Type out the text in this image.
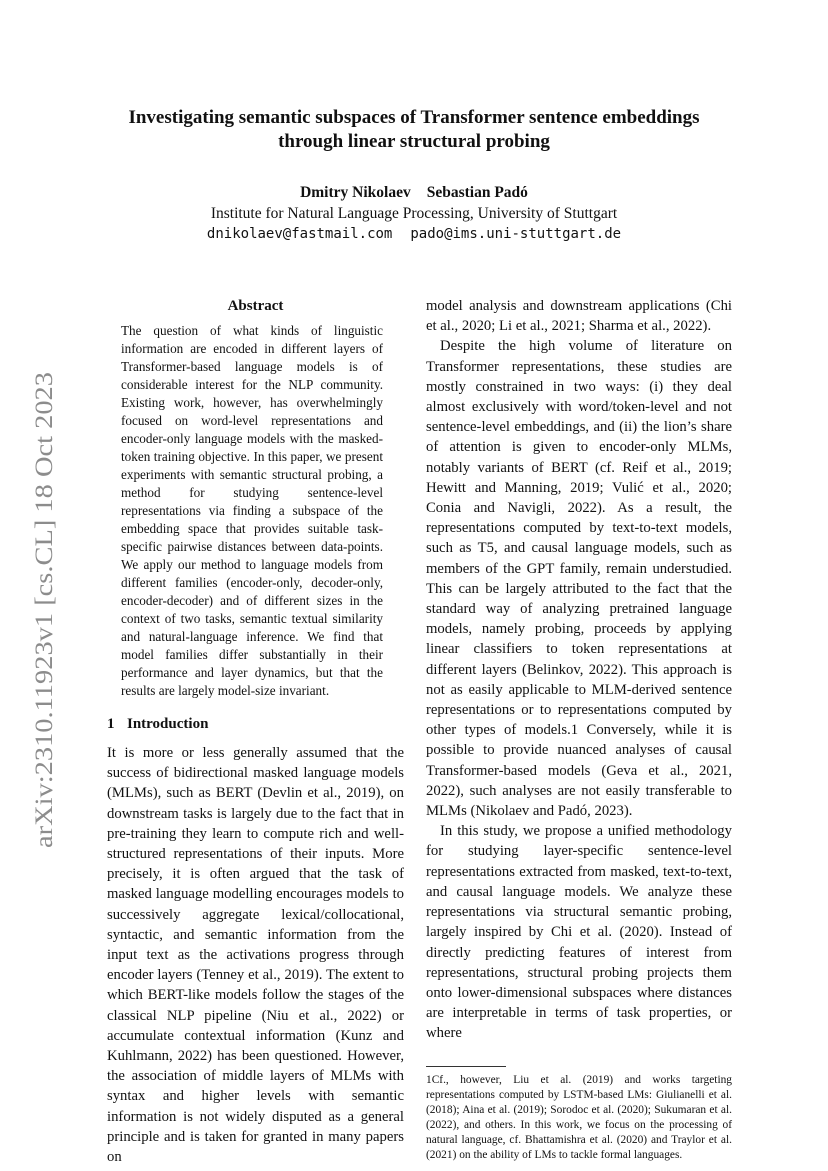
arXiv:2310.11923v1 [cs.CL] 18 Oct 2023
Investigating semantic subspaces of Transformer sentence embeddings
through linear structural probing
Dmitry Nikolaev Sebastian Padó
Institute for Natural Language Processing, University of Stuttgart
dnikolaev@fastmail.com pado@ims.uni-stuttgart.de
Abstract
The question of what kinds of linguistic information are encoded in different layers of Transformer-based language models is of considerable interest for the NLP community. Existing work, however, has overwhelmingly focused on word-level representations and encoder-only language models with the masked-token training objective. In this paper, we present experiments with semantic structural probing, a method for studying sentence-level representations via finding a subspace of the embedding space that provides suitable task-specific pairwise distances between data-points. We apply our method to language models from different families (encoder-only, decoder-only, encoder-decoder) and of different sizes in the context of two tasks, semantic textual similarity and natural-language inference. We find that model families differ substantially in their performance and layer dynamics, but that the results are largely model-size invariant.
1 Introduction

It is more or less generally assumed that the success of bidirectional masked language models (MLMs), such as BERT (Devlin et al., 2019), on downstream tasks is largely due to the fact that in pre-training they learn to compute rich and well-structured representations of their inputs. More precisely, it is often argued that the task of masked language modelling encourages models to successively aggregate lexical/collocational, syntactic, and semantic information from the input text as the activations progress through encoder layers (Tenney et al., 2019). The extent to which BERT-like models follow the stages of the classical NLP pipeline (Niu et al., 2022) or accumulate contextual information (Kunz and Kuhlmann, 2022) has been questioned. However, the association of middle layers of MLMs with syntax and higher levels with semantic information is not widely disputed as a general principle and is taken for granted in many papers on

model analysis and downstream applications (Chi et al., 2020; Li et al., 2021; Sharma et al., 2022).

Despite the high volume of literature on Transformer representations, these studies are mostly constrained in two ways: (i) they deal almost exclusively with word/token-level and not sentence-level embeddings, and (ii) the lion’s share of attention is given to encoder-only MLMs, notably variants of BERT (cf. Reif et al., 2019; Hewitt and Manning, 2019; Vulić et al., 2020; Conia and Navigli, 2022). As a result, the representations computed by text-to-text models, such as T5, and causal language models, such as members of the GPT family, remain understudied. This can be largely attributed to the fact that the standard way of analyzing pretrained language models, namely probing, proceeds by applying linear classifiers to token representations at different layers (Belinkov, 2022). This approach is not as easily applicable to MLM-derived sentence representations or to representations computed by other types of models.1 Conversely, while it is possible to provide nuanced analyses of causal Transformer-based models (Geva et al., 2021, 2022), such analyses are not easily transferable to MLMs (Nikolaev and Padó, 2023).

In this study, we propose a unified methodology for studying layer-specific sentence-level representations extracted from masked, text-to-text, and causal language models. We analyze these representations via structural semantic probing, largely inspired by Chi et al. (2020). Instead of directly predicting features of interest from representations, structural probing projects them onto lower-dimensional subspaces where distances are interpretable in terms of task properties, or where

1Cf., however, Liu et al. (2019) and works targeting representations computed by LSTM-based LMs: Giulianelli et al. (2018); Aina et al. (2019); Sorodoc et al. (2020); Sukumaran et al. (2022), and others. In this work, we focus on the processing of natural language, cf. Bhattamishra et al. (2020) and Traylor et al. (2021) on the ability of LMs to tackle formal languages.
